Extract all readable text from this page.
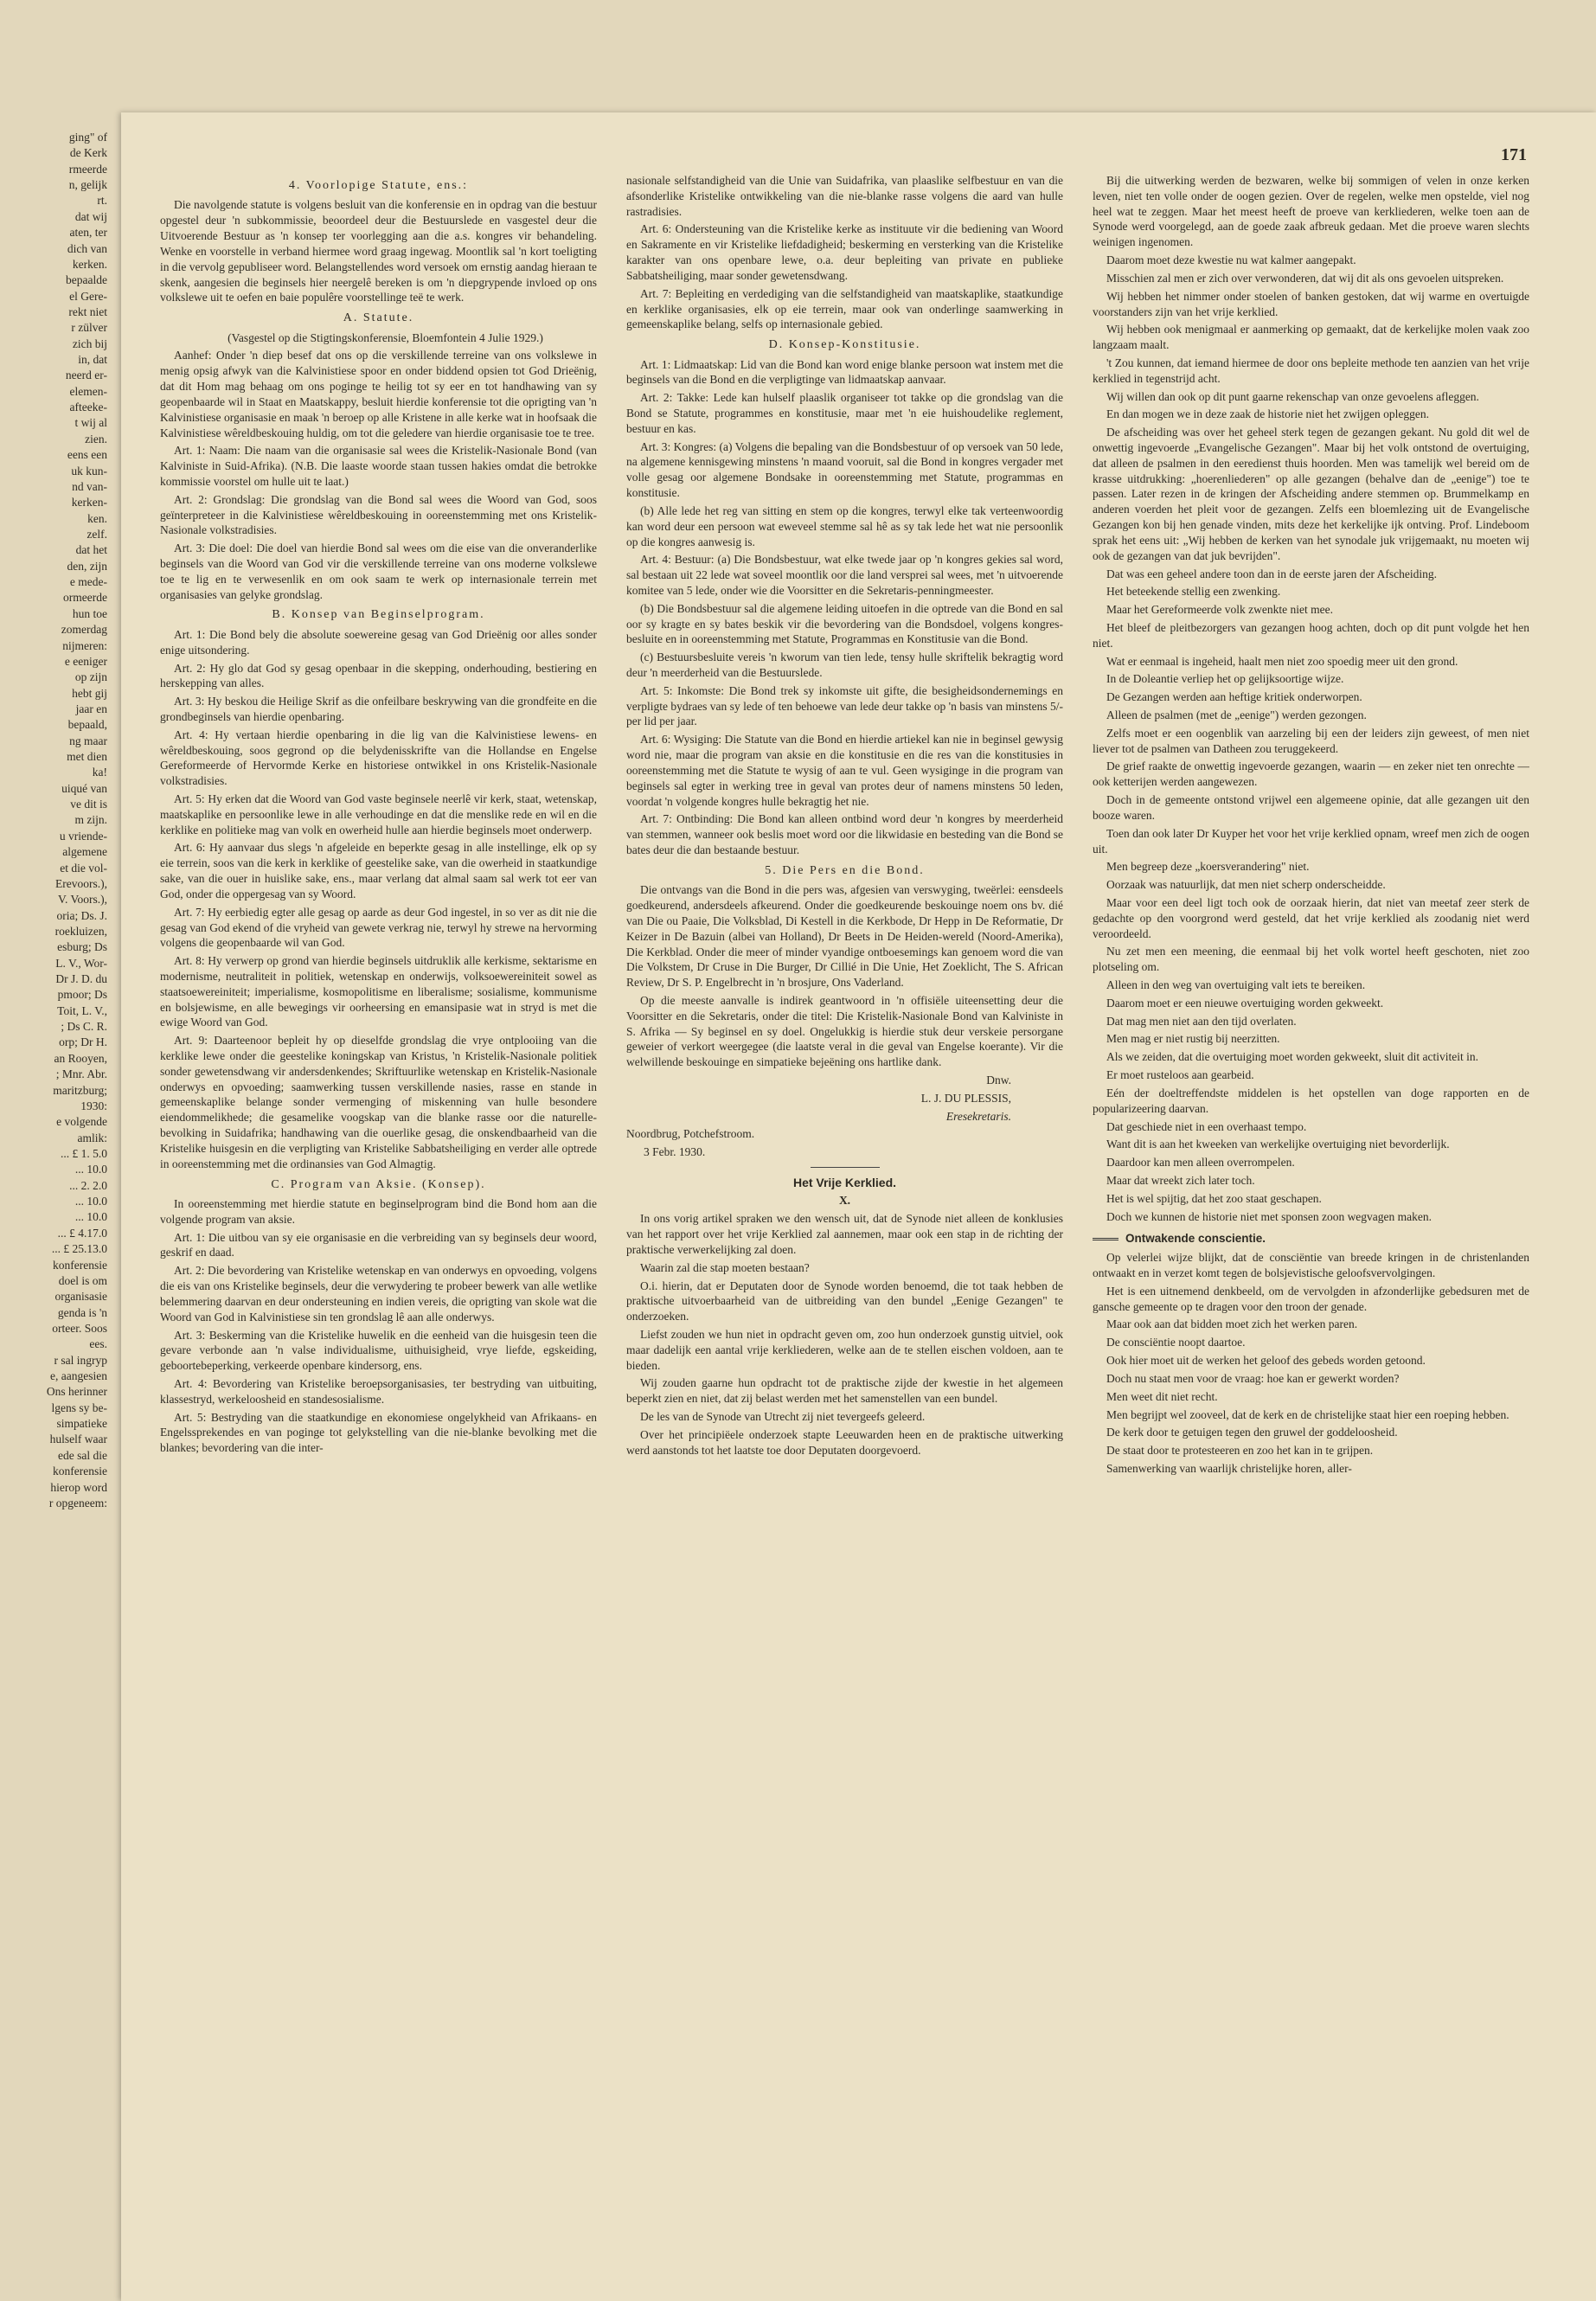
ging" of
de Kerk
rmeerde
n, gelijk
rt.
dat wij
aten, ter
dich van
kerken.
bepaalde
el Gere-
rekt niet
r zülver
zich bij
in, dat
neerd er-
elemen-
afteeke-
t wij al
zien.
eens een
uk kun-
nd van-
kerken-
ken.
zelf.
dat het
den, zijn
e mede-
ormeerde
hun toe
zomerdag
nijmeren:
e eeniger
op zijn
hebt gij
jaar en
bepaald,
ng maar
met dien
ka!
uiqué van
ve dit is
m zijn.
u vriende-
algemene
et die vol-
Erevoors.),
V. Voors.),
oria; Ds. J.
roekluizen,
esburg; Ds
L. V., Wor-
Dr J. D. du
pmoor; Ds
Toit, L. V.,
; Ds C. R.
orp; Dr H.
an Rooyen,
; Mnr. Abr.
maritzburg;
1930:
e volgende
amlik:
... £ 1. 5.0
... 10.0
... 2. 2.0
... 10.0
... 10.0
... £ 4.17.0
... £ 25.13.0
konferensie
doel is om
organisasie
genda is 'n
orteer. Soos
ees.
r sal ingryp
e, aangesien
Ons herinner
lgens sy be-
simpatieke
hulself waar
ede sal die
konferensie
hierop word
r opgeneem:
171
4. Voorlopige Statute, ens.:

Die navolgende statute is volgens besluit van die konferensie en in opdrag van die bestuur opgestel deur 'n subkommissie, beoordeel deur die Bestuurslede en vasgestel deur die Uitvoerende Bestuur as 'n konsep ter voorlegging aan die a.s. kongres vir behandeling. Wenke en voorstelle in verband hiermee word graag ingewag. Moontlik sal 'n kort toeligting in die vervolg gepubliseer word. Belangstellendes word versoek om ernstig aandag hieraan te skenk, aangesien die beginsels hier neergelê bereken is om 'n diepgrypende invloed op ons volkslewe uit te oefen en baie populêre voorstellinge teë te werk.

A. Statute.

(Vasgestel op die Stigtingskonferensie, Bloemfontein 4 Julie 1929.)

Aanhef: Onder 'n diep besef dat ons op die verskillende terreine van ons volkslewe in menig opsig afwyk van die Kalvinistiese spoor en onder biddend opsien tot God Drieënig, dat dit Hom mag behaag om ons poginge te heilig tot sy eer en tot handhawing van sy geopenbaarde wil in Staat en Maatskappy, besluit hierdie konferensie tot die oprigting van 'n Kalvinistiese organisasie en maak 'n beroep op alle Kristene in alle kerke wat in hoofsaak die Kalvinistiese wêreldbeskouing huldig, om tot die geledere van hierdie organisasie toe te tree.

Art. 1: Naam: Die naam van die organisasie sal wees die Kristelik-Nasionale Bond (van Kalviniste in Suid-Afrika). (N.B. Die laaste woorde staan tussen hakies omdat die betrokke kommissie voorstel om hulle uit te laat.)

Art. 2: Grondslag: Die grondslag van die Bond sal wees die Woord van God, soos geïnterpreteer in die Kalvinistiese wêreldbeskouing in ooreenstemming met ons Kristelik-Nasionale volkstradisies.

Art. 3: Die doel: Die doel van hierdie Bond sal wees om die eise van die onveranderlike beginsels van die Woord van God vir die verskillende terreine van ons moderne volkslewe toe te lig en te verwesenlik en om ook saam te werk op internasionale terrein met organisasies van gelyke grondslag.

B. Konsep van Beginselprogram.

Art. 1: Die Bond bely die absolute soewereine gesag van God Drieënig oor alles sonder enige uitsondering.

Art. 2: Hy glo dat God sy gesag openbaar in die skepping, onderhouding, bestiering en herskepping van alles.

Art. 3: Hy beskou die Heilige Skrif as die onfeilbare beskrywing van die grondfeite en die grondbeginsels van hierdie openbaring.

Art. 4: Hy vertaan hierdie openbaring in die lig van die Kalvinistiese lewens- en wêreldbeskouing, soos gegrond op die belydenisskrifte van die Hollandse en Engelse Gereformeerde of Hervormde Kerke en historiese ontwikkel in ons Kristelik-Nasionale volkstradisies.

Art. 5: Hy erken dat die Woord van God vaste beginsele neerlê vir kerk, staat, wetenskap, maatskaplike en persoonlike lewe in alle verhoudinge en dat die menslike rede en wil en die kerklike en politieke mag van volk en owerheid hulle aan hierdie beginsels moet onderwerp.

Art. 6: Hy aanvaar dus slegs 'n afgeleide en beperkte gesag in alle instellinge, elk op sy eie terrein, soos van die kerk in kerklike of geestelike sake, van die owerheid in staatkundige sake, van die ouer in huislike sake, ens., maar verlang dat almal saam sal werk tot eer van God, onder die oppergesag van sy Woord.

Art. 7: Hy eerbiedig egter alle gesag op aarde as deur God ingestel, in so ver as dit nie die gesag van God ekend of die vryheid van gewete verkrag nie, terwyl hy strewe na hervorming volgens die geopenbaarde wil van God.

Art. 8: Hy verwerp op grond van hierdie beginsels uitdruklik alle kerkisme, sektarisme en modernisme, neutraliteit in politiek, wetenskap en onderwijs, volksoewereiniteit sowel as staatsoewereiniteit; imperialisme, kosmopolitisme en liberalisme; sosialisme, kommunisme en bolsjewisme, en alle bewegings vir oorheersing en emansipasie wat in stryd is met die ewige Woord van God.

Art. 9: Daarteenoor bepleit hy op dieselfde grondslag die vrye ontplooiing van die kerklike lewe onder die geestelike koningskap van Kristus, 'n Kristelik-Nasionale politiek sonder gewetensdwang vir andersdenkendes; Skriftuurlike wetenskap en Kristelik-Nasionale onderwys en opvoeding; saamwerking tussen verskillende nasies, rasse en stande in gemeenskaplike belange sonder vermenging of miskenning van hulle besondere eiendommelikhede; die gesamelike voogskap van die blanke rasse oor die naturelle-bevolking in Suidafrika; handhawing van die ouerlike gesag, die onskendbaarheid van die Kristelike huisgesin en die verpligting van Kristelike Sabbatsheiliging en verder alle optrede in ooreenstemming met die ordinansies van God Almagtig.

C. Program van Aksie. (Konsep).

In ooreenstemming met hierdie statute en beginselprogram bind die Bond hom aan die volgende program van aksie.

Art. 1: Die uitbou van sy eie organisasie en die verbreiding van sy beginsels deur woord, geskrif en daad.

Art. 2: Die bevordering van Kristelike wetenskap en van onderwys en opvoeding, volgens die eis van ons Kristelike beginsels, deur die verwydering te probeer bewerk van alle wetlike belemmering daarvan en deur ondersteuning en indien vereis, die oprigting van skole wat die Woord van God in Kalvinistiese sin ten grondslag lê aan alle onderwys.

Art. 3: Beskerming van die Kristelike huwelik en die eenheid van die huisgesin teen die gevare verbonde aan 'n valse individualisme, uithuisigheid, vrye liefde, egskeiding, geboortebeperking, verkeerde openbare kindersorg, ens.

Art. 4: Bevordering van Kristelike beroepsorganisasies, ter bestryding van uitbuiting, klassestryd, werkeloosheid en standesosialisme.

Art. 5: Bestryding van die staatkundige en ekonomiese ongelykheid van Afrikaans- en Engelssprekendes en van poginge tot gelykstelling van die nie-blanke bevolking met die blankes; bevordering van die inter-

nasionale selfstandigheid van die Unie van Suidafrika, van plaaslike selfbestuur en van die afsonderlike Kristelike ontwikkeling van die nie-blanke rasse volgens die aard van hulle rastradisies.

Art. 6: Ondersteuning van die Kristelike kerke as instituute vir die bediening van Woord en Sakramente en vir Kristelike liefdadigheid; beskerming en versterking van die Kristelike karakter van ons openbare lewe, o.a. deur bepleiting van private en publieke Sabbatsheiliging, maar sonder gewetensdwang.

Art. 7: Bepleiting en verdediging van die selfstandigheid van maatskaplike, staatkundige en kerklike organisasies, elk op eie terrein, maar ook van onderlinge saamwerking in gemeenskaplike belang, selfs op internasionale gebied.

D. Konsep-Konstitusie.

Art. 1: Lidmaatskap: Lid van die Bond kan word enige blanke persoon wat instem met die beginsels van die Bond en die verpligtinge van lidmaatskap aanvaar.

Art. 2: Takke: Lede kan hulself plaaslik organiseer tot takke op die grondslag van die Bond se Statute, programmes en konstitusie, maar met 'n eie huishoudelike reglement, bestuur en kas.

Art. 3: Kongres: (a) Volgens die bepaling van die Bondsbestuur of op versoek van 50 lede, na algemene kennisgewing minstens 'n maand vooruit, sal die Bond in kongres vergader met volle gesag oor algemene Bondsake in ooreenstemming met Statute, programmas en konstitusie.

(b) Alle lede het reg van sitting en stem op die kongres, terwyl elke tak verteenwoordig kan word deur een persoon wat eweveel stemme sal hê as sy tak lede het wat nie persoonlik op die kongres aanwesig is.

Art. 4: Bestuur: (a) Die Bondsbestuur, wat elke twede jaar op 'n kongres gekies sal word, sal bestaan uit 22 lede wat soveel moontlik oor die land versprei sal wees, met 'n uitvoerende komitee van 5 lede, onder wie die Voorsitter en die Sekretaris-penningmeester.

(b) Die Bondsbestuur sal die algemene leiding uitoefen in die optrede van die Bond en sal oor sy kragte en sy bates beskik vir die bevordering van die Bondsdoel, volgens kongres-besluite en in ooreenstemming met Statute, Programmas en Konstitusie van die Bond.

(c) Bestuursbesluite vereis 'n kworum van tien lede, tensy hulle skriftelik bekragtig word deur 'n meerderheid van die Bestuurslede.

Art. 5: Inkomste: Die Bond trek sy inkomste uit gifte, die besigheidsondernemings en verpligte bydraes van sy lede of ten behoewe van lede deur takke op 'n basis van minstens 5/- per lid per jaar.

Art. 6: Wysiging: Die Statute van die Bond en hierdie artiekel kan nie in beginsel gewysig word nie, maar die program van aksie en die konstitusie en die res van die konstitusies in ooreenstemming met die Statute te wysig of aan te vul. Geen wysiginge in die program van beginsels sal egter in werking tree in geval van protes deur of namens minstens 50 leden, voordat 'n volgende kongres hulle bekragtig het nie.

Art. 7: Ontbinding: Die Bond kan alleen ontbind word deur 'n kongres by meerderheid van stemmen, wanneer ook beslis moet word oor die likwidasie en besteding van die Bond se bates deur die dan bestaande bestuur.

5. Die Pers en die Bond.

Die ontvangs van die Bond in die pers was, afgesien van verswyging, tweërlei: eensdeels goedkeurend, andersdeels afkeurend. Onder die goedkeurende beskouinge noem ons bv. dié van Die ou Paaie, Die Volksblad, Di Kestell in die Kerkbode, Dr Hepp in De Reformatie, Dr Keizer in De Bazuin (albei van Holland), Dr Beets in De Heiden-wereld (Noord-Amerika), Die Kerkblad. Onder die meer of minder vyandige ontboesemings kan genoem word die van Die Volkstem, Dr Cruse in Die Burger, Dr Cillié in Die Unie, Het Zoeklicht, The S. African Review, Dr S. P. Engelbrecht in 'n brosjure, Ons Vaderland.

Op die meeste aanvalle is indirek geantwoord in 'n offisiële uiteensetting deur die Voorsitter en die Sekretaris, onder die titel: Die Kristelik-Nasionale Bond van Kalviniste in S. Afrika — Sy beginsel en sy doel. Ongelukkig is hierdie stuk deur verskeie persorgane geweier of verkort weergegee (die laatste veral in die geval van Engelse koerante). Vir die welwillende beskouinge en simpatieke bejeëning ons hartlike dank.

Dnw.

L. J. DU PLESSIS,

Eresekretaris.

Noordbrug, Potchefstroom.

3 Febr. 1930.

Het Vrije Kerklied.
X.

In ons vorig artikel spraken we den wensch uit, dat de Synode niet alleen de konklusies van het rapport over het vrije Kerklied zal aannemen, maar ook een stap in de richting der praktische verwerkelijking zal doen.

Waarin zal die stap moeten bestaan?

O.i. hierin, dat er Deputaten door de Synode worden benoemd, die tot taak hebben de praktische uitvoerbaarheid van de uitbreiding van den bundel „Eenige Gezangen" te onderzoeken.

Liefst zouden we hun niet in opdracht geven om, zoo hun onderzoek gunstig uitviel, ook maar dadelijk een aantal vrije kerkliederen, welke aan de te stellen eischen voldoen, aan te bieden.

Wij zouden gaarne hun opdracht tot de praktische zijde der kwestie in het algemeen beperkt zien en niet, dat zij belast werden met het samenstellen van een bundel.

De les van de Synode van Utrecht zij niet tevergeefs geleerd.

Over het principiëele onderzoek stapte Leeuwarden heen en de praktische uitwerking werd aanstonds tot het laatste toe door Deputaten doorgevoerd.

Bij die uitwerking werden de bezwaren, welke bij sommigen of velen in onze kerken leven, niet ten volle onder de oogen gezien. Over de regelen, welke men opstelde, viel nog heel wat te zeggen. Maar het meest heeft de proeve van kerkliederen, welke toen aan de Synode werd voorgelegd, aan de goede zaak afbreuk gedaan. Met die proeve waren slechts weinigen ingenomen.

Daarom moet deze kwestie nu wat kalmer aangepakt.

Misschien zal men er zich over verwonderen, dat wij dit als ons gevoelen uitspreken.

Wij hebben het nimmer onder stoelen of banken gestoken, dat wij warme en overtuigde voorstanders zijn van het vrije kerklied.

Wij hebben ook menigmaal er aanmerking op gemaakt, dat de kerkelijke molen vaak zoo langzaam maalt.

't Zou kunnen, dat iemand hiermee de door ons bepleite methode ten aanzien van het vrije kerklied in tegenstrijd acht.

Wij willen dan ook op dit punt gaarne rekenschap van onze gevoelens afleggen.

En dan mogen we in deze zaak de historie niet het zwijgen opleggen.

De afscheiding was over het geheel sterk tegen de gezangen gekant. Nu gold dit wel de onwettig ingevoerde „Evangelische Gezangen". Maar bij het volk ontstond de overtuiging, dat alleen de psalmen in den eeredienst thuis hoorden. Men was tamelijk wel bereid om de krasse uitdrukking: „hoerenliederen" op alle gezangen (behalve dan de „eenige") toe te passen. Later rezen in de kringen der Afscheiding andere stemmen op. Brummelkamp en anderen voerden het pleit voor de gezangen. Zelfs een bloemlezing uit de Evangelische Gezangen kon bij hen genade vinden, mits deze het kerkelijke ijk ontving. Prof. Lindeboom sprak het eens uit: „Wij hebben de kerken van het synodale juk vrijgemaakt, nu moeten wij ook de gezangen van dat juk bevrijden".

Dat was een geheel andere toon dan in de eerste jaren der Afscheiding.

Het beteekende stellig een zwenking.

Maar het Gereformeerde volk zwenkte niet mee.

Het bleef de pleitbezorgers van gezangen hoog achten, doch op dit punt volgde het hen niet.

Wat er eenmaal is ingeheid, haalt men niet zoo spoedig meer uit den grond.

In de Doleantie verliep het op gelijksoortige wijze.

De Gezangen werden aan heftige kritiek onderworpen.

Alleen de psalmen (met de „eenige") werden gezongen.

Zelfs moet er een oogenblik van aarzeling bij een der leiders zijn geweest, of men niet liever tot de psalmen van Datheen zou teruggekeerd.

De grief raakte de onwettig ingevoerde gezangen, waarin — en zeker niet ten onrechte — ook ketterijen werden aangewezen.

Doch in de gemeente ontstond vrijwel een algemeene opinie, dat alle gezangen uit den booze waren.

Toen dan ook later Dr Kuyper het voor het vrije kerklied opnam, wreef men zich de oogen uit.

Men begreep deze „koersverandering" niet.

Oorzaak was natuurlijk, dat men niet scherp onderscheidde.

Maar voor een deel ligt toch ook de oorzaak hierin, dat niet van meetaf zeer sterk de gedachte op den voorgrond werd gesteld, dat het vrije kerklied als zoodanig niet werd veroordeeld.

Nu zet men een meening, die eenmaal bij het volk wortel heeft geschoten, niet zoo plotseling om.

Alleen in den weg van overtuiging valt iets te bereiken.

Daarom moet er een nieuwe overtuiging worden gekweekt.

Dat mag men niet aan den tijd overlaten.

Men mag er niet rustig bij neerzitten.

Als we zeiden, dat die overtuiging moet worden gekweekt, sluit dit activiteit in.

Er moet rusteloos aan gearbeid.

Eén der doeltreffendste middelen is het opstellen van doge rapporten en de popularizeering daarvan.

Dat geschiede niet in een overhaast tempo.

Want dit is aan het kweeken van werkelijke overtuiging niet bevorderlijk.

Daardoor kan men alleen overrompelen.

Maar dat wreekt zich later toch.

Het is wel spijtig, dat het zoo staat geschapen.

Doch we kunnen de historie niet met sponsen zoon wegvagen maken.

Ontwakende conscientie.

Op velerlei wijze blijkt, dat de consciëntie van breede kringen in de christenlanden ontwaakt en in verzet komt tegen de bolsjevistische geloofsvervolgingen.

Het is een uitnemend denkbeeld, om de vervolgden in afzonderlijke gebedsuren met de gansche gemeente op te dragen voor den troon der genade.

Maar ook aan dat bidden moet zich het werken paren.

De consciëntie noopt daartoe.

Ook hier moet uit de werken het geloof des gebeds worden getoond.

Doch nu staat men voor de vraag: hoe kan er gewerkt worden?

Men weet dit niet recht.

Men begrijpt wel zooveel, dat de kerk en de christelijke staat hier een roeping hebben.

De kerk door te getuigen tegen den gruwel der goddeloosheid.

De staat door te protesteeren en zoo het kan in te grijpen.

Samenwerking van waarlijk christelijke horen, aller-
